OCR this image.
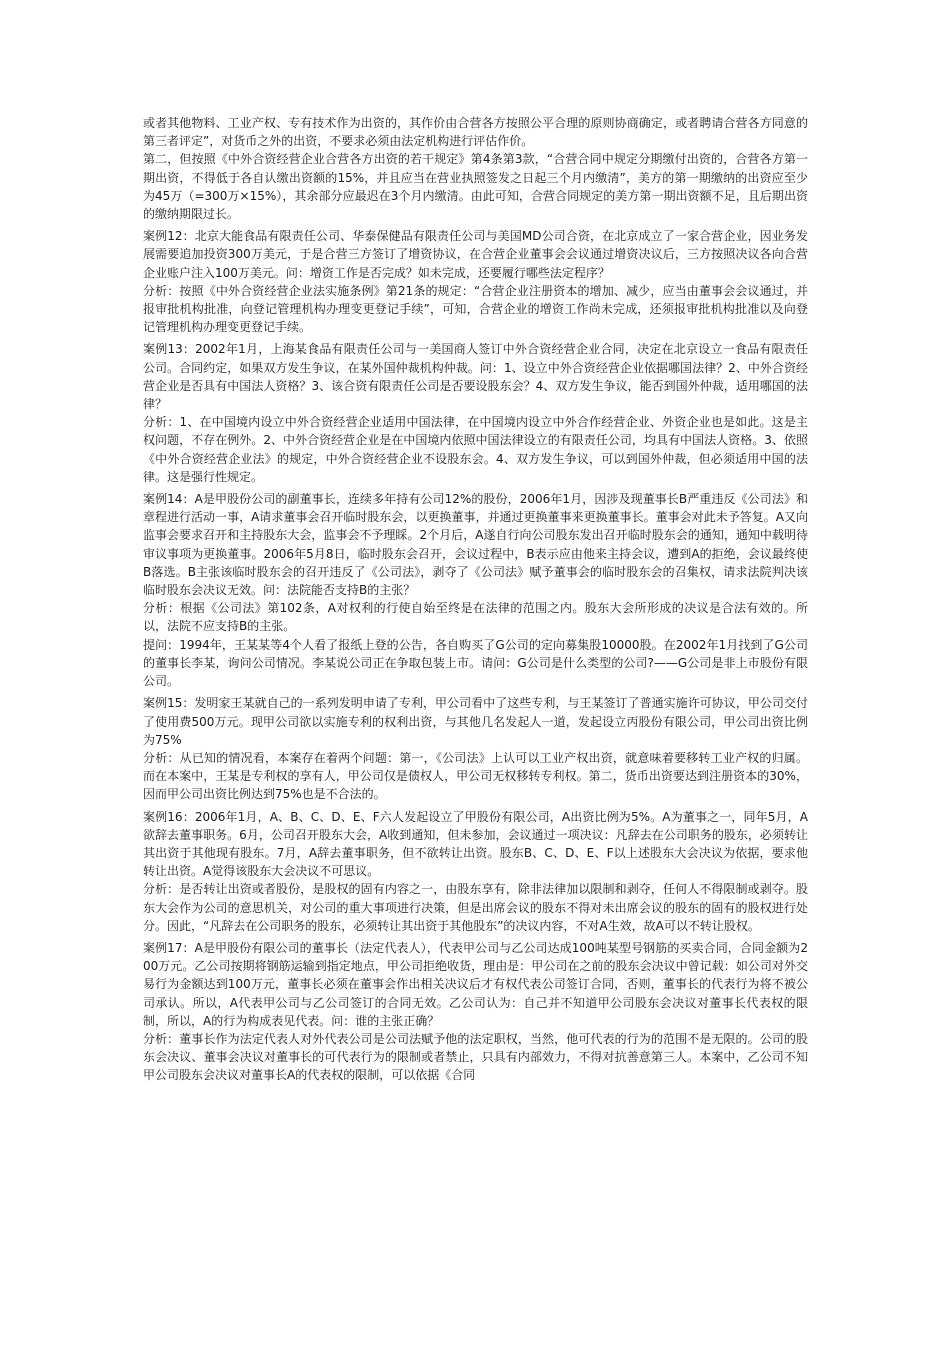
或者其他物料、工业产权、专有技术作为出资的，其作价由合营各方按照公平合理的原则协商确定，或者聘请合营各方同意的第三者评定”，对货币之外的出资，不要求必须由法定机构进行评估作价。

第二，但按照《中外合资经营企业合营各方出资的若干规定》第4条第3款，“合营合同中规定分期缴付出资的，合营各方第一期出资，不得低于各自认缴出资额的15%，并且应当在营业执照签发之日起三个月内缴清”，美方的第一期缴纳的出资应至少为45万（=300万×15%），其余部分应最迟在3个月内缴清。由此可知，合营合同规定的美方第一期出资额不足，且后期出资的缴纳期限过长。

案例12：北京大能食品有限责任公司、华泰保健品有限责任公司与美国MD公司合资，在北京成立了一家合营企业，因业务发展需要追加投资300万美元，于是合营三方签订了增资协议，在合营企业董事会会议通过增资决议后，三方按照决议各向合营企业账户注入100万美元。问：增资工作是否完成？如未完成，还要履行哪些法定程序？

分析：按照《中外合资经营企业法实施条例》第21条的规定：“合营企业注册资本的增加、减少，应当由董事会会议通过，并报审批机构批准，向登记管理机构办理变更登记手续”，可知，合营企业的增资工作尚未完成，还须报审批机构批准以及向登记管理机构办理变更登记手续。

案例13：2002年1月，上海某食品有限责任公司与一美国商人签订中外合资经营企业合同，决定在北京设立一食品有限责任公司。合同约定，如果双方发生争议，在某外国仲裁机构仲裁。问：1、设立中外合资经营企业依据哪国法律？2、中外合资经营企业是否具有中国法人资格？3、该合资有限责任公司是否要设股东会？4、双方发生争议，能否到国外仲裁，适用哪国的法律？

分析：1、在中国境内设立中外合资经营企业适用中国法律，在中国境内设立中外合作经营企业、外资企业也是如此。这是主权问题，不存在例外。2、中外合资经营企业是在中国境内依照中国法律设立的有限责任公司，均具有中国法人资格。3、依照《中外合资经营企业法》的规定，中外合资经营企业不设股东会。4、双方发生争议，可以到国外仲裁，但必须适用中国的法律。这是强行性规定。

案例14：A是甲股份公司的副董事长，连续多年持有公司12%的股份，2006年1月，因涉及现董事长B严重违反《公司法》和章程进行活动一事，A请求董事会召开临时股东会，以更换董事，并通过更换董事来更换董事长。董事会对此未予答复。A又向监事会要求召开和主持股东大会，监事会不予理睬。2个月后，A遂自行向公司股东发出召开临时股东会的通知，通知中载明待审议事项为更换董事。2006年5月8日，临时股东会召开，会议过程中，B表示应由他来主持会议，遭到A的拒绝，会议最终使B落选。B主张该临时股东会的召开违反了《公司法》，剥夺了《公司法》赋予董事会的临时股东会的召集权，请求法院判决该临时股东会决议无效。问：法院能否支持B的主张？

分析：根据《公司法》第102条，A对权利的行使自始至终是在法律的范围之内。股东大会所形成的决议是合法有效的。所以，法院不应支持B的主张。

提问：1994年，王某某等4个人看了报纸上登的公告，各自购买了G公司的定向募集股10000股。在2002年1月找到了G公司的董事长李某，询问公司情况。李某说公司正在争取包装上市。请问：G公司是什么类型的公司?——G公司是非上市股份有限公司。

案例15：发明家王某就自己的一系列发明申请了专利，甲公司看中了这些专利，与王某签订了普通实施许可协议，甲公司交付了使用费500万元。现甲公司欲以实施专利的权利出资，与其他几名发起人一道，发起设立丙股份有限公司，甲公司出资比例为75%

分析：从已知的情况看，本案存在着两个问题：第一，《公司法》上认可以工业产权出资，就意味着要移转工业产权的归属。而在本案中，王某是专利权的享有人，甲公司仅是债权人，甲公司无权移转专利权。第二，货币出资要达到注册资本的30%，因而甲公司出资比例达到75%也是不合法的。

案例16：2006年1月，A、B、C、D、E、F六人发起设立了甲股份有限公司，A出资比例为5%。A为董事之一，同年5月，A欲辞去董事职务。6月，公司召开股东大会，A收到通知，但未参加，会议通过一项决议：凡辞去在公司职务的股东，必须转让其出资于其他现有股东。7月，A辞去董事职务，但不欲转让出资。股东B、C、D、E、F以上述股东大会决议为依据，要求他转让出资。A觉得该股东大会决议不可思议。

分析：是否转让出资或者股份，是股权的固有内容之一，由股东享有，除非法律加以限制和剥夺，任何人不得限制或剥夺。股东大会作为公司的意思机关，对公司的重大事项进行决策，但是出席会议的股东不得对未出席会议的股东的固有的股权进行处分。因此，“凡辞去在公司职务的股东，必须转让其出资于其他股东”的决议内容，不对A生效，故A可以不转让股权。

案例17：A是甲股份有限公司的董事长（法定代表人），代表甲公司与乙公司达成100吨某型号钢筋的买卖合同，合同金额为200万元。乙公司按期将钢筋运输到指定地点，甲公司拒绝收货，理由是：甲公司在之前的股东会决议中曾记载：如公司对外交易行为金额达到100万元，董事长必须在董事会作出相关决议后才有权代表公司签订合同，否则，董事长的代表行为将不被公司承认。所以，A代表甲公司与乙公司签订的合同无效。乙公司认为：自己并不知道甲公司股东会决议对董事长代表权的限制，所以，A的行为构成表见代表。问：谁的主张正确？

分析：董事长作为法定代表人对外代表公司是公司法赋予他的法定职权，当然，他可代表的行为的范围不是无限的。公司的股东会决议、董事会决议对董事长的可代表行为的限制或者禁止，只具有内部效力，不得对抗善意第三人。本案中，乙公司不知甲公司股东会决议对董事长A的代表权的限制，可以依据《合同
